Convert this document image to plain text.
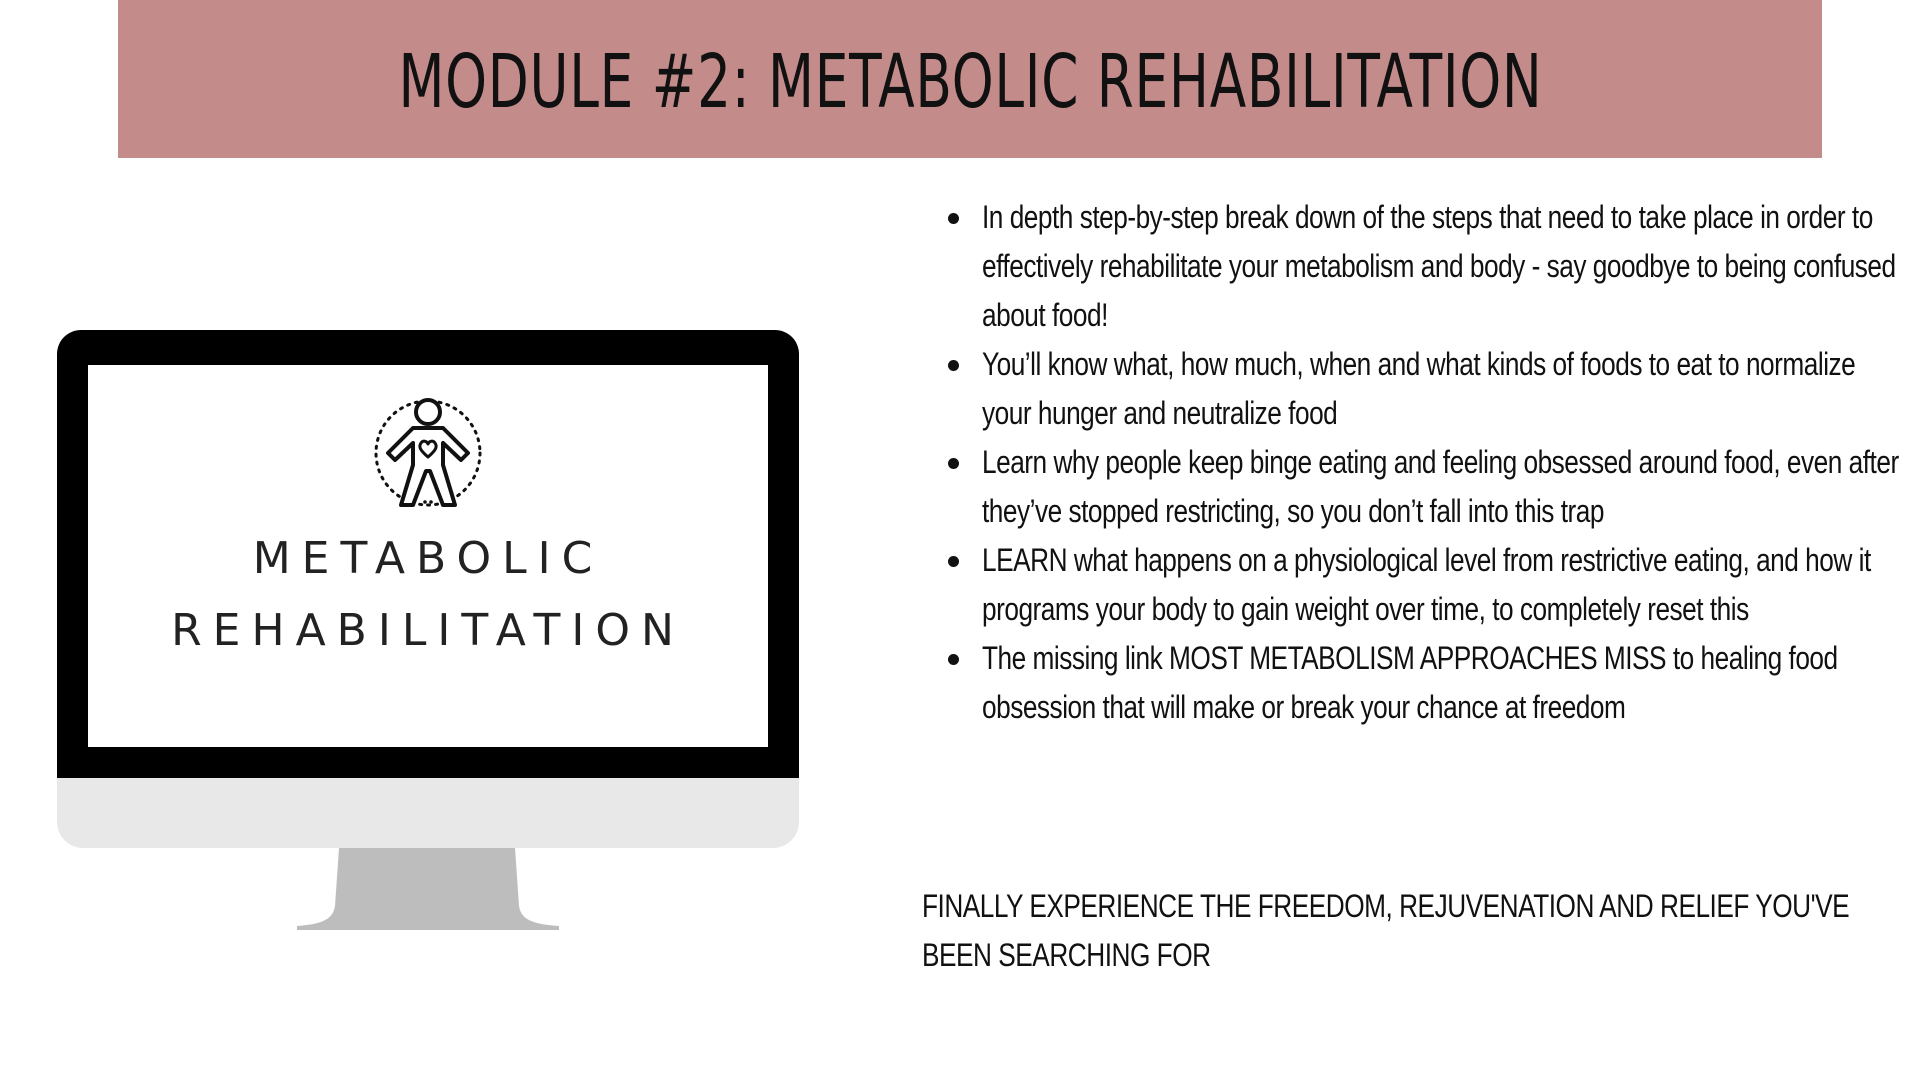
MODULE #2: METABOLIC REHABILITATION
METABOLIC
REHABILITATION
In depth step-by-step break down of the steps that need to take place in order to effectively rehabilitate your metabolism and body - say goodbye to being confused about food!
You’ll know what, how much, when and what kinds of foods to eat to normalize your hunger and neutralize food
Learn why people keep binge eating and feeling obsessed around food, even after they’ve stopped restricting, so you don’t fall into this trap
LEARN what happens on a physiological level from restrictive eating, and how it programs your body to gain weight over time, to completely reset this
The missing link MOST METABOLISM APPROACHES MISS to healing food obsession that will make or break your chance at freedom
FINALLY EXPERIENCE THE FREEDOM, REJUVENATION AND RELIEF YOU'VE BEEN SEARCHING FOR
